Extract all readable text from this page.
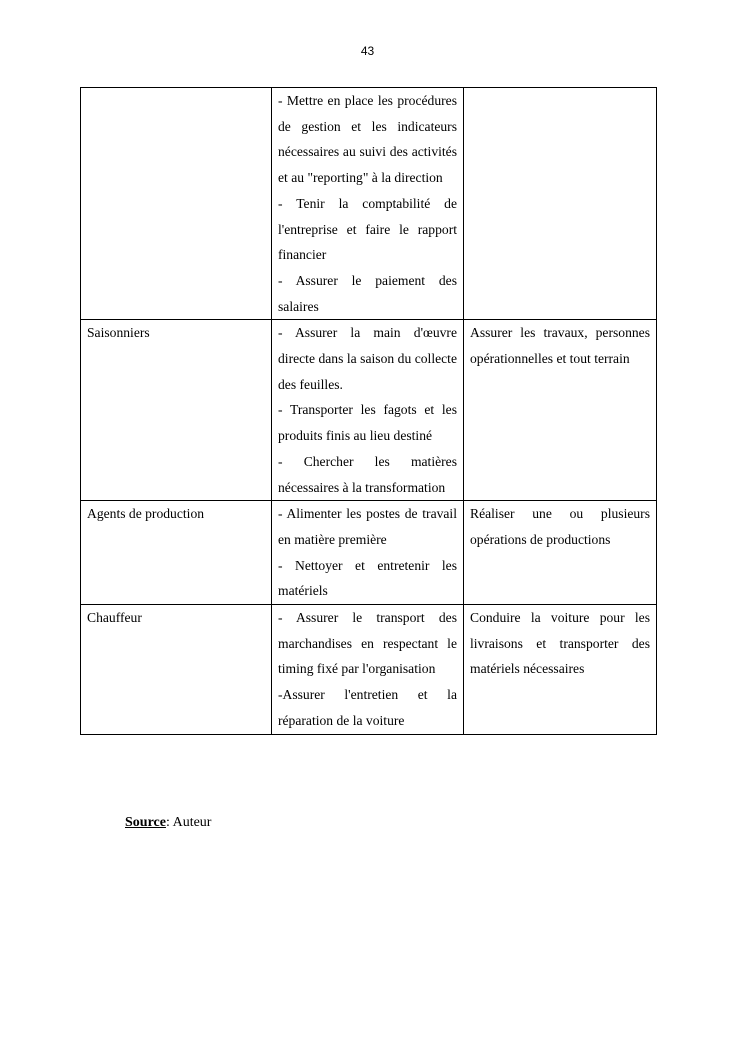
43

	- Mettre en place les procédures de gestion et les indicateurs nécessaires au suivi des activités et au "reporting" à la direction
- Tenir la comptabilité de l'entreprise et faire le rapport financier
- Assurer le paiement des salaires	

Saisonniers	- Assurer la main d'œuvre directe dans la saison du collecte des feuilles.
- Transporter les fagots et les produits finis au lieu destiné
- Chercher les matières nécessaires à la transformation	Assurer les travaux, personnes opérationnelles et tout terrain
Agents de production	- Alimenter les postes de travail en matière première
- Nettoyer et entretenir les matériels	Réaliser une ou plusieurs opérations de productions
Chauffeur	- Assurer le transport des marchandises en respectant le timing fixé par l'organisation
-Assurer l'entretien et la réparation de la voiture	Conduire la voiture pour les livraisons et transporter des matériels nécessaires
Source: Auteur
